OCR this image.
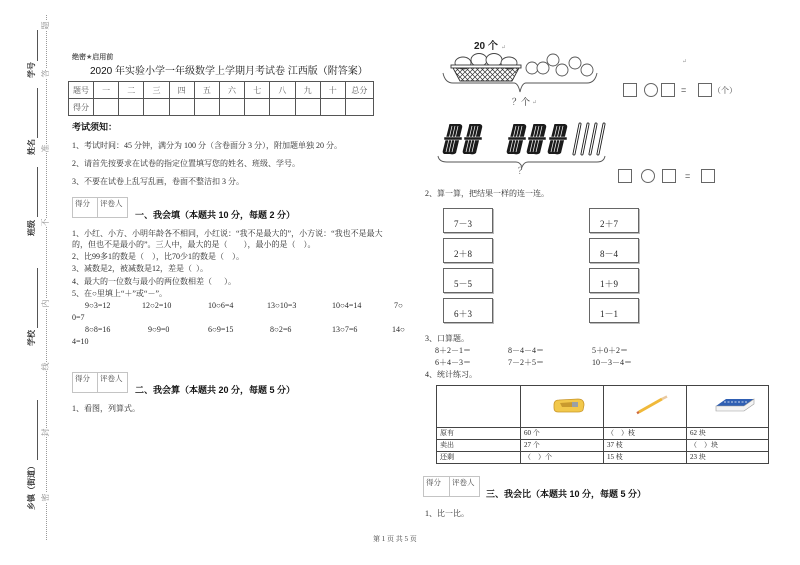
乡镇（街道）
学校
班级
姓名
学号
密
封
线
内
不
准
答
题
绝密★启用前
2020 年实验小学一年级数学上学期月考试卷 江西版（附答案）
题号	一	二	三	四	五	六	七	八	九	十	总分
得分											
考试须知：
1、考试时间：45 分钟，满分为 100 分（含卷面分 3 分），附加题单独 20 分。
2、请首先按要求在试卷的指定位置填写您的姓名、班级、学号。
3、不要在试卷上乱写乱画，卷面不整洁扣 3 分。
得分	评卷人
一、我会填（本题共 10 分，每题 2 分）
1、小红、小方、小明年龄各不相同，小红说：“我不是最大的”，小方说：“我也不是最大
的，但也不是最小的”。三人中，最大的是（        ），最小的是（    ）。
2、比99多1的数是（    ），比70少1的数是（    ）。
3、减数是2，被减数是12，差是（  ）。
4、最大的一位数与最小的两位数相差（      ）。
5、在○里填上“＋”或“－”。
9○3=12	12○2=10	10○6=4	13○10=3	10○4=14	7○
0=7
8○8=16	9○9=0	6○9=15	8○2=6	13○7=6	14○
4=10
得分	评卷人
二、我会算（本题共 20 分，每题 5 分）
1、看图，列算式。
20 个 ↵
？个 ↵
↵
=	（个）
？	=
2、算一算，把结果一样的连一连。
7－3
2＋8
5－5
6＋3
2＋7
8－4
1＋9
1－1
3、口算题。
8＋2－1＝	8－4－4＝	5＋0＋2＝
6＋4－3＝	7－2＋5＝	10－3－4＝
4、统计练习。

原有	60 个	（    ）枝	62 块
卖出	27 个	37 枝	（    ）块
还剩	（    ）个	15 枝	23 块
得分	评卷人
三、我会比（本题共 10 分，每题 5 分）
1、比一比。
第 1 页 共 5 页
